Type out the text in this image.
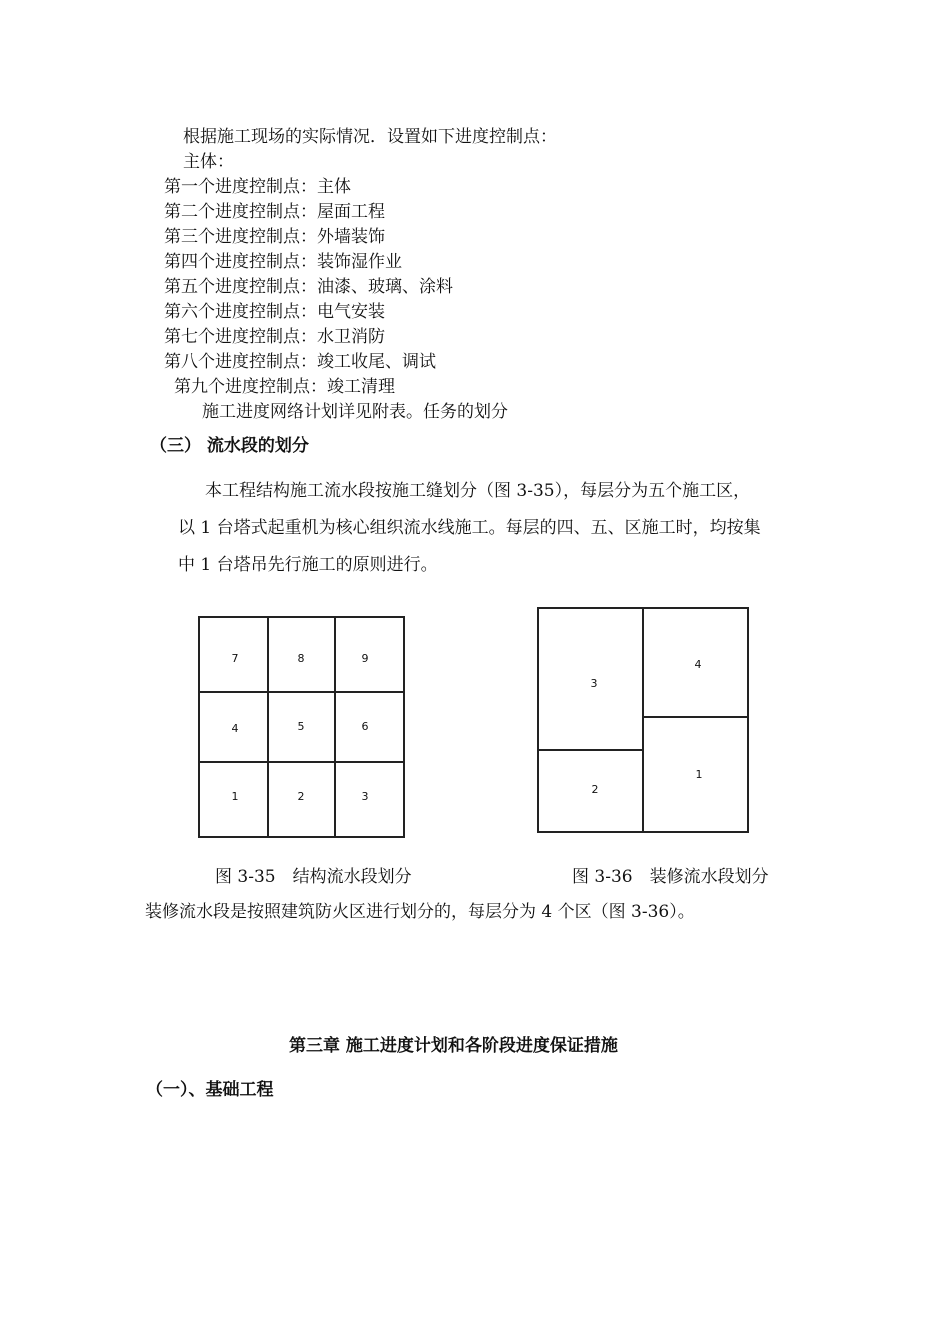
根据施工现场的实际情况．设置如下进度控制点：
主体：
第一个进度控制点：主体
第二个进度控制点：屋面工程
第三个进度控制点：外墙装饰
第四个进度控制点：装饰湿作业
第五个进度控制点：油漆、玻璃、涂料
第六个进度控制点：电气安装
第七个进度控制点：水卫消防
第八个进度控制点：竣工收尾、调试
第九个进度控制点：竣工清理
施工进度网络计划详见附表。任务的划分
（三） 流水段的划分
本工程结构施工流水段按施工缝划分（图 3-35），每层分为五个施工区，
以 1 台塔式起重机为核心组织流水线施工。每层的四、五、区施工时，均按集
中 1 台塔吊先行施工的原则进行。
7	8	9
4	5	6
1	2	3
3
4
2
1
图 3-35　结构流水段划分	图 3-36　装修流水段划分
装修流水段是按照建筑防火区进行划分的，每层分为 4 个区（图 3-36）。
第三章 施工进度计划和各阶段进度保证措施
（一）、基础工程
